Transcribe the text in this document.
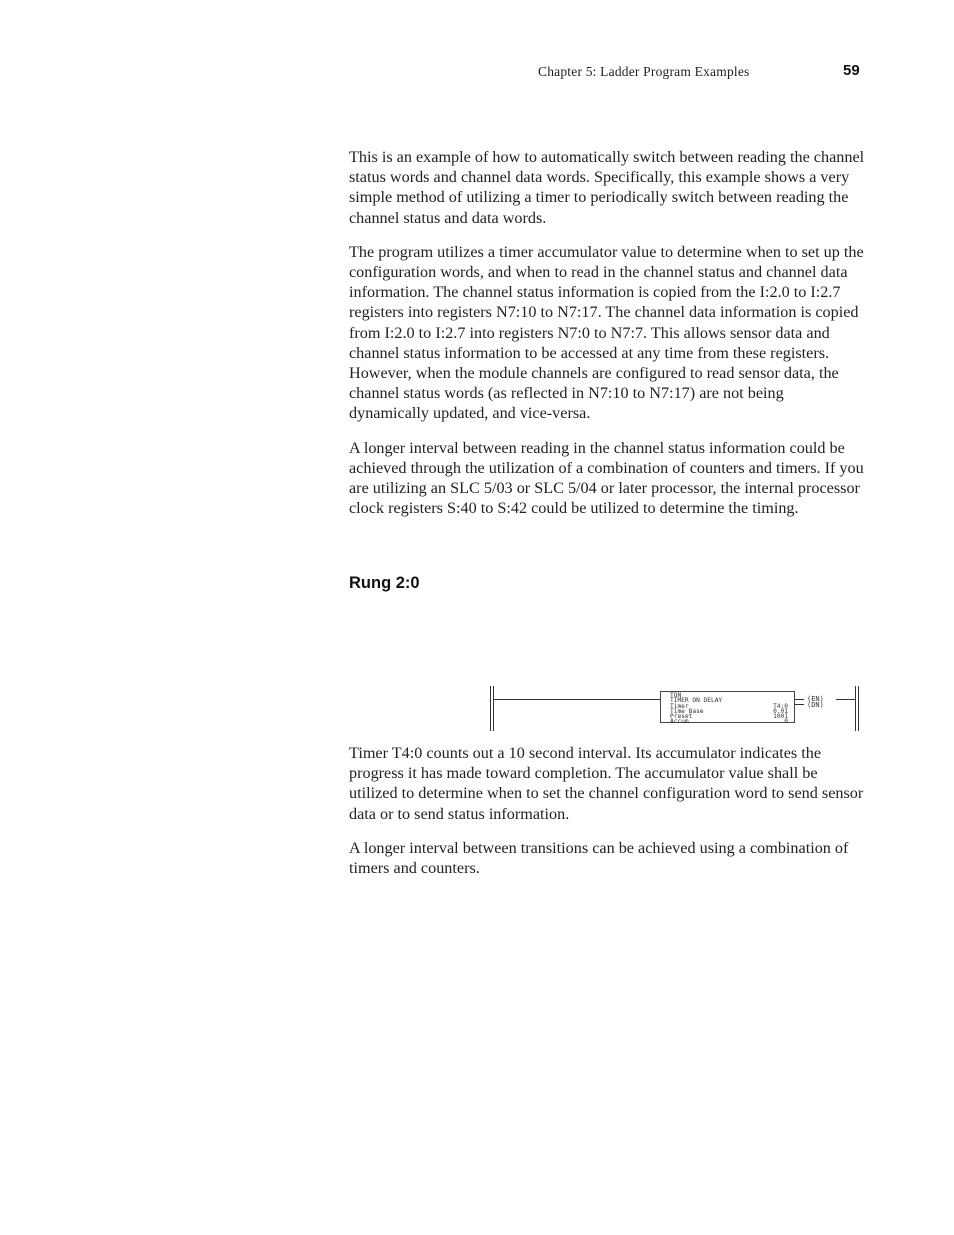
Chapter 5: Ladder Program Examples	59

This is an example of how to automatically switch between reading the channel status words and channel data words. Specifically, this example shows a very simple method of utilizing a timer to periodically switch between reading the channel status and data words.

The program utilizes a timer accumulator value to determine when to set up the configuration words, and when to read in the channel status and channel data information. The channel status information is copied from the I:2.0 to I:2.7 registers into registers N7:10 to N7:17. The channel data information is copied from I:2.0 to I:2.7 into registers N7:0 to N7:7. This allows sensor data and channel status information to be accessed at any time from these registers. However, when the module channels are configured to read sensor data, the channel status words (as reflected in N7:10 to N7:17) are not being dynamically updated, and vice-versa.

A longer interval between reading in the channel status information could be achieved through the utilization of a combination of counters and timers. If you are utilizing an SLC 5/03 or SLC 5/04 or later processor, the internal processor clock registers S:40 to S:42 could be utilized to determine the timing.

Rung 2:0
TON
TIMER ON DELAY
Timer	T4:0
Time Base	0.01
Preset	1001
Accum	0
(EN)
(DN)

Timer T4:0 counts out a 10 second interval. Its accumulator indicates the progress it has made toward completion. The accumulator value shall be utilized to determine when to set the channel configuration word to send sensor data or to send status information.

A longer interval between transitions can be achieved using a combination of timers and counters.
